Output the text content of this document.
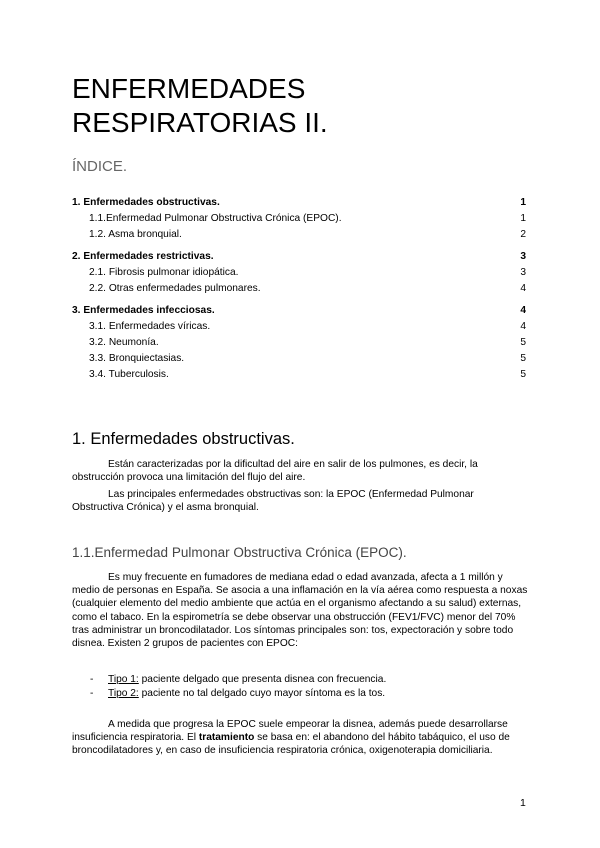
ENFERMEDADES RESPIRATORIAS II.
ÍNDICE.
1. Enfermedades obstructivas.	1
1.1.Enfermedad Pulmonar Obstructiva Crónica (EPOC).	1
1.2. Asma bronquial.	2
2. Enfermedades restrictivas.	3
2.1. Fibrosis pulmonar idiopática.	3
2.2. Otras enfermedades pulmonares.	4
3. Enfermedades infecciosas.	4
3.1. Enfermedades víricas.	4
3.2. Neumonía.	5
3.3. Bronquiectasias.	5
3.4. Tuberculosis.	5
1. Enfermedades obstructivas.

Están caracterizadas por la dificultad del aire en salir de los pulmones, es decir, la obstrucción provoca una limitación del flujo del aire.

Las principales enfermedades obstructivas son: la EPOC (Enfermedad Pulmonar Obstructiva Crónica) y el asma bronquial.

1.1.Enfermedad Pulmonar Obstructiva Crónica (EPOC).

Es muy frecuente en fumadores de mediana edad o edad avanzada, afecta a 1 millón y medio de personas en España. Se asocia a una inflamación en la vía aérea como respuesta a noxas (cualquier elemento del medio ambiente que actúa en el organismo afectando a su salud) externas, como el tabaco. En la espirometría se debe observar una obstrucción (FEV1/FVC) menor del 70% tras administrar un broncodilatador. Los síntomas principales son: tos, expectoración y sobre todo disnea. Existen 2 grupos de pacientes con EPOC:

-	Tipo 1: paciente delgado que presenta disnea con frecuencia.
-	Tipo 2: paciente no tal delgado cuyo mayor síntoma es la tos.

A medida que progresa la EPOC suele empeorar la disnea, además puede desarrollarse insuficiencia respiratoria. El tratamiento se basa en: el abandono del hábito tabáquico, el uso de broncodilatadores y, en caso de insuficiencia respiratoria crónica, oxigenoterapia domiciliaria.

1
